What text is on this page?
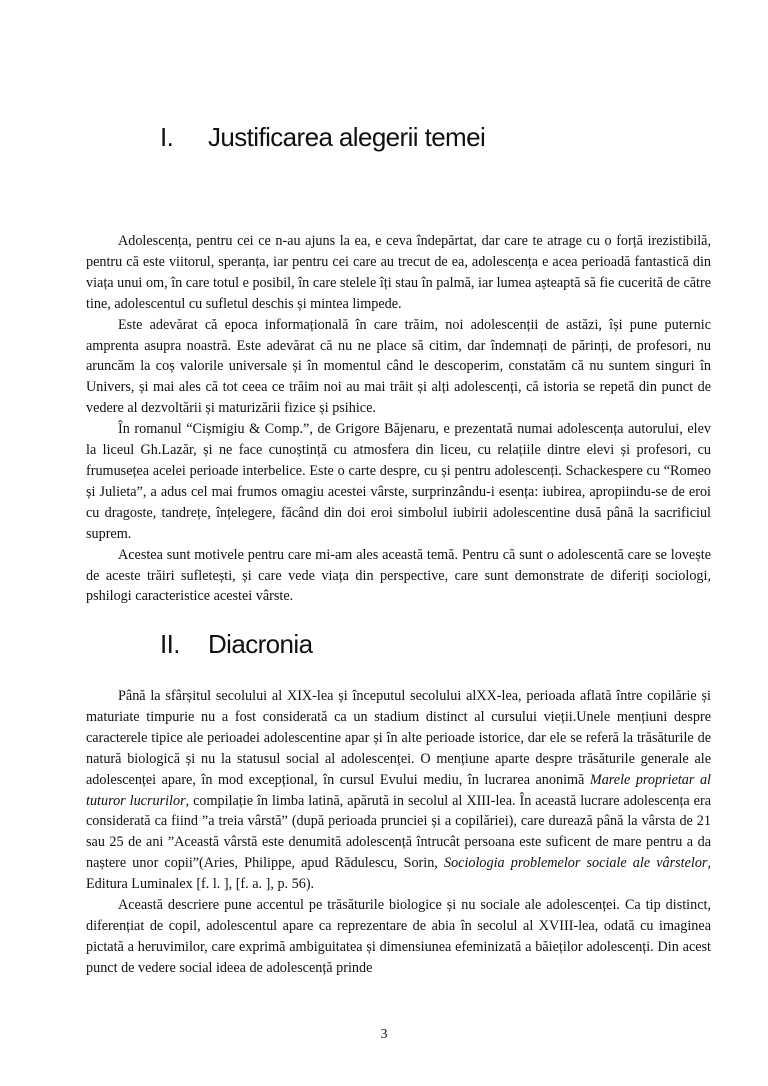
I. Justificarea alegerii temei

Adolescența, pentru cei ce n-au ajuns la ea, e ceva îndepărtat, dar care te atrage cu o forță irezistibilă, pentru că este viitorul, speranța, iar pentru cei care au trecut de ea, adolescența e acea perioadă fantastică din viața unui om, în care totul e posibil, în care stelele îți stau în palmă, iar lumea așteaptă să fie cucerită de către tine, adolescentul cu sufletul deschis și mintea limpede.

Este adevărat că epoca informațională în care trăim, noi adolescenții de astăzi, își pune puternic amprenta asupra noastră. Este adevărat că nu ne place să citim, dar îndemnați de părinți, de profesori, nu aruncăm la coș valorile universale și în momentul când le descoperim, constatăm că nu suntem singuri în Univers, și mai ales că tot ceea ce trăim noi au mai trăit și alți adolescenți, că istoria se repetă din punct de vedere al dezvoltării și maturizării fizice și psihice.

În romanul “Cișmigiu & Comp.”, de Grigore Băjenaru, e prezentată numai adolescența autorului, elev la liceul Gh.Lazăr, și ne face cunoștință cu atmosfera din liceu, cu relațiile dintre elevi și profesori, cu frumusețea acelei perioade interbelice. Este o carte despre, cu și pentru adolescenți. Schackespere cu “Romeo și Julieta”, a adus cel mai frumos omagiu acestei vârste, surprinzându-i esența: iubirea, apropiindu-se de eroi cu dragoste, tandrețe, înțelegere, făcând din doi eroi simbolul iubirii adolescentine dusă până la sacrificiul suprem.

Acestea sunt motivele pentru care mi-am ales această temă. Pentru că sunt o adolescentă care se lovește de aceste trăiri sufletești, și care vede viața din perspective, care sunt demonstrate de diferiți sociologi, pshilogi caracteristice acestei vârste.

II. Diacronia

Până la sfârșitul secolului al XIX-lea și începutul secolului alXX-lea, perioada aflată între copilărie și maturiate timpurie nu a fost considerată ca un stadium distinct al cursului vieții.Unele mențiuni despre caracterele tipice ale perioadei adolescentine apar și în alte perioade istorice, dar ele se referă la trăsăturile de natură biologică și nu la statusul social al adolescenței. O mențiune aparte despre trăsăturile generale ale adolescenței apare, în mod excepțional, în cursul Evului mediu, în lucrarea anonimă Marele proprietar al tuturor lucrurilor, compilație în limba latină, apărută in secolul al XIII-lea. În această lucrare adolescența era considerată ca fiind ”a treia vârstă” (după perioada pruncieі și a copilăriei), care durează până la vârsta de 21 sau 25 de ani ”Această vârstă este denumită adolescență întrucât persoana este suficent de mare pentru a da naștere unor copii”(Aries, Philippe, apud Rădulescu, Sorin, Sociologia problemelor sociale ale vârstelor, Editura Luminalex [f. l. ], [f. a. ], p. 56).

Această descriere pune accentul pe trăsăturile biologice și nu sociale ale adolescenței. Ca tip distinct, diferențiat de copil, adolescentul apare ca reprezentare de abia în secolul al XVIII-lea, odată cu imaginea pictată a heruvimilor, care exprimă ambiguitatea și dimensiunea efeminizată a băieților adolescenți. Din acest punct de vedere social ideea de adolescență prinde

3
